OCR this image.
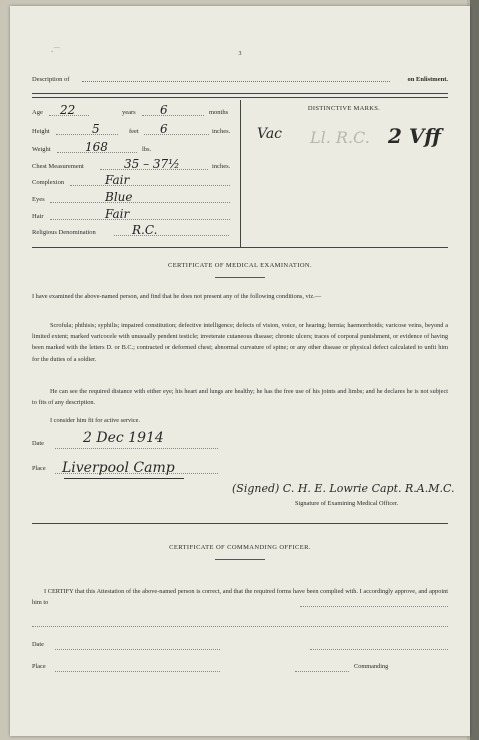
‐⌒	3
Description of	on Enlistment.
Age 22	years 6	months
Height	5	feet 6	inches.
Weight	168	lbs.
Chest Measurement	35 – 37½	inches.
Complexion	Fair
Eyes	Blue
Hair	Fair
Religious Denomination	R.C.
DISTINCTIVE MARKS.
Vac Ll. R.C. 2 Vff
CERTIFICATE OF MEDICAL EXAMINATION.
I have examined the above-named person, and find that he does not present any of the following conditions, viz.—
Scrofula; phthisis; syphilis; impaired constitution; defective intelligence; defects of vision, voice, or hearing; hernia; haemorrhoids; varicose veins, beyond a limited extent; marked varicocele with unusually pendent testicle; inveterate cutaneous disease; chronic ulcers; traces of corporal punishment, or evidence of having been marked with the letters D. or B.C.; contracted or deformed chest; abnormal curvature of spine; or any other disease or physical defect calculated to unfit him for the duties of a soldier.
He can see the required distance with either eye; his heart and lungs are healthy; he has the free use of his joints and limbs; and he declares he is not subject to fits of any description.
I consider him fit for active service.
Date	2 Dec 1914
Place Liverpool Camp
(Signed) C. H. E. Lowrie Capt. R.A.M.C.
Signature of Examining Medical Officer.
CERTIFICATE OF COMMANDING OFFICER.
I CERTIFY that this Attestation of the above-named person is correct, and that the required forms have been complied with. I accordingly approve, and appoint him to
Date
Place	Commanding
